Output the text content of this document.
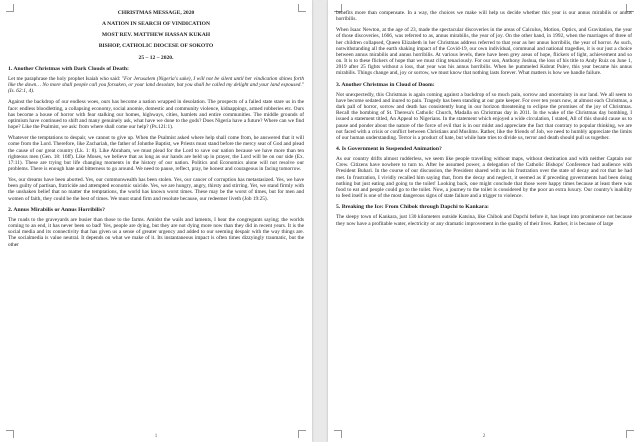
CHRISTMAS MESSAGE, 2020
A NATION IN SEARCH OF VINDICATION
MOST REV. MATTHEW HASSAN KUKAH
BISHOP, CATHOLIC DIOCESE OF SOKOTO
25 – 12 – 2020.
1. Another Christmas with Dark Clouds of Death:

Let me paraphrase the holy prophet Isaiah who said: "For Jerusalem (Nigeria's sake), I will not be silent until her vindication shines forth like the dawn… No more shall people call you forsaken, or your land desolate, but you shall be called my delight and your land espoused." (Is. 62:1, 4).

Against the backdrop of our endless woes, ours has become a nation wrapped in desolation. The prospects of a failed state stare us in the face: endless bloodletting, a collapsing economy, social anomie, domestic and community violence, kidnappings, armed robberies etc. Ours has become a house of horror with fear stalking our homes, highways, cities, hamlets and entire communities. The middle grounds of optimism have continued to shift and many genuinely ask, what have we done to the gods? Does Nigeria have a future? Where can we find hope? Like the Psalmist, we ask: from where shall come our help? (Ps.121:1).

Whatever the temptations to despair, we cannot to give up. When the Psalmist asked where help shall come from, he answered that it will come from the Lord. Therefore, like Zachariah, the father of Johnthe Baptist, we Priests must stand before the mercy seat of God and plead the cause of our great country (Lk. 1: 8). Like Abraham, we must plead for the Lord to save our nation because we have more than ten righteous men (Gen. 18: 16ff). Like Moses, we believe that as long as our hands are held up in prayer, the Lord will be on our side (Ex. 17:11). These are trying but life changing moments in the history of our nation. Politics and Economics alone will not resolve our problems. There is enough hate and bitterness to go around. We need to pause, reflect, pray, be honest and courageous in facing tomorrow.

Yes, our dreams have been aborted. Yes, our commonwealth has been stolen. Yes, our cancer of corruption has metastasized. Yes, we have been guilty of partisan, fratricide and attempted economic suicide. Yes, we are hungry, angry, thirsty and stirring. Yet, we stand firmly with the unshaken belief that no matter the temptations, the world has known worst times. These may be the worst of times, but for men and women of faith, they could be the best of times. We must stand firm and resolute because, our redeemer liveth (Job 19:25).

2. Annus Mirabilis or Annus Horribilis?

The roads to the graveyards are busier than those to the farms. Amidst the wails and laments, I hear the congregants saying; the worlds coming to an end, it has never been so bad! Yes, people are dying, but they are not dying more now than they did in recent years. It is the social media and its connectivity that has given us a sense of greater urgency and added to our seeming despair with the way things are. The socialmedia is value neutral. It depends on what we make of it. Its instantaneous impact is often times dizzyingly traumatic, but the other

1

benefits more than compensate. In a way, the choices we make will help us decide whether this year is our annus mirabilis or annus horribilis.

When Isaac Newton, at the age of 23, made the spectacular discoveries in the areas of Calculus, Motion, Optics, and Gravitation, the year of those discoveries, 1666, was referred to as, annus mirabilis, the year of joy. On the other hand, in 1992, when the marriages of three of her children collapsed, Queen Elizabeth in her Christmas address referred to that year as her annus horribilis, the year of horror. As such, notwithstanding all the earth shaking impact of the Covid-19, our own individual, communal and national tragedies, it is our just a choice between annus mirabilis and annus horribilis. At various levels, there have been grey areas of hope, flickers of light, achievement and so on. It is to these flickers of hope that we must cling tenaciously. For our son, Anthony Joshua, the loss of his title to Andy Ruiz on June 1, 2019 after 25 fights without a loss, that year was his annus horribilis. When he pummeled Kubrat Pulev, this year became his annus mirabilis. Things change and, joy or sorrow, we must know that nothing lasts forever. What matters is how we handle failure.

3. Another Christmas in Cloud of Doom:

Not unexpectedly, this Christmas is again coming against a backdrop of so much pain, sorrow and uncertainty in our land. We all seem to have become sedated and inured to pain. Tragedy has been standing at our gate keeper. For over ten years now, at almost each Christmas, a dark pall of horror, sorrow and death has consistently hung in our horizon threatening to eclipse the promises of the joy of Christmas. Recall the bombing of St. Theresa's Catholic Church, Madalla on Christmas day in 2011. In the wake of the Christmas day bombing, I issued a statement titled, An Appeal to Nigerians. In the statement which enjoyed a wide circulation, I stated, All of this should cause us to pause and ponder about the nature of the force of evil that is in our midst and appreciate the fact that contrary to popular thinking, we are not faced with a crisis or conflict between Christians and Muslims. Rather, like the friends of Job, we need to humbly appreciate the limits of our human understanding. Terror is a product of hate, but while hate tries to divide us, terror and death should pull us together.

4. Is Government in Suspended Animation?

As our country drifts almost rudderless, we seem like people travelling without maps, without destination and with neither Captain nor Crew. Citizens have nowhere to turn to. After he assumed power, a delegation of the Catholic Bishops' Conference had audience with President Buhari. In the course of our discussion, the President shared with us his frustration over the state of decay and rot that he had met. In frustration, I vividly recalled him saying that, from the decay and neglect, it seemed as if preceding governments had been doing nothing but just eating and going to the toilet! Looking back, one might conclude that those were happy times because at least there was food to eat and people could go to the toilet. Now, a journey to the toilet is considered by the poor an extra luxury. Our country's inability to feed itself is one of the most dangerous signs of state failure and a trigger to violence.

5. Breaking the Ice: From Chibok through Dapchi to Kankara:

The sleepy town of Kankara, just 130 kilometers outside Katsina, like Chibok and Dapchi before it, has leapt into prominence not because they now have a profitable water, electricity or any dramatic improvement in the quality of their lives. Rather, it is because of large

2
